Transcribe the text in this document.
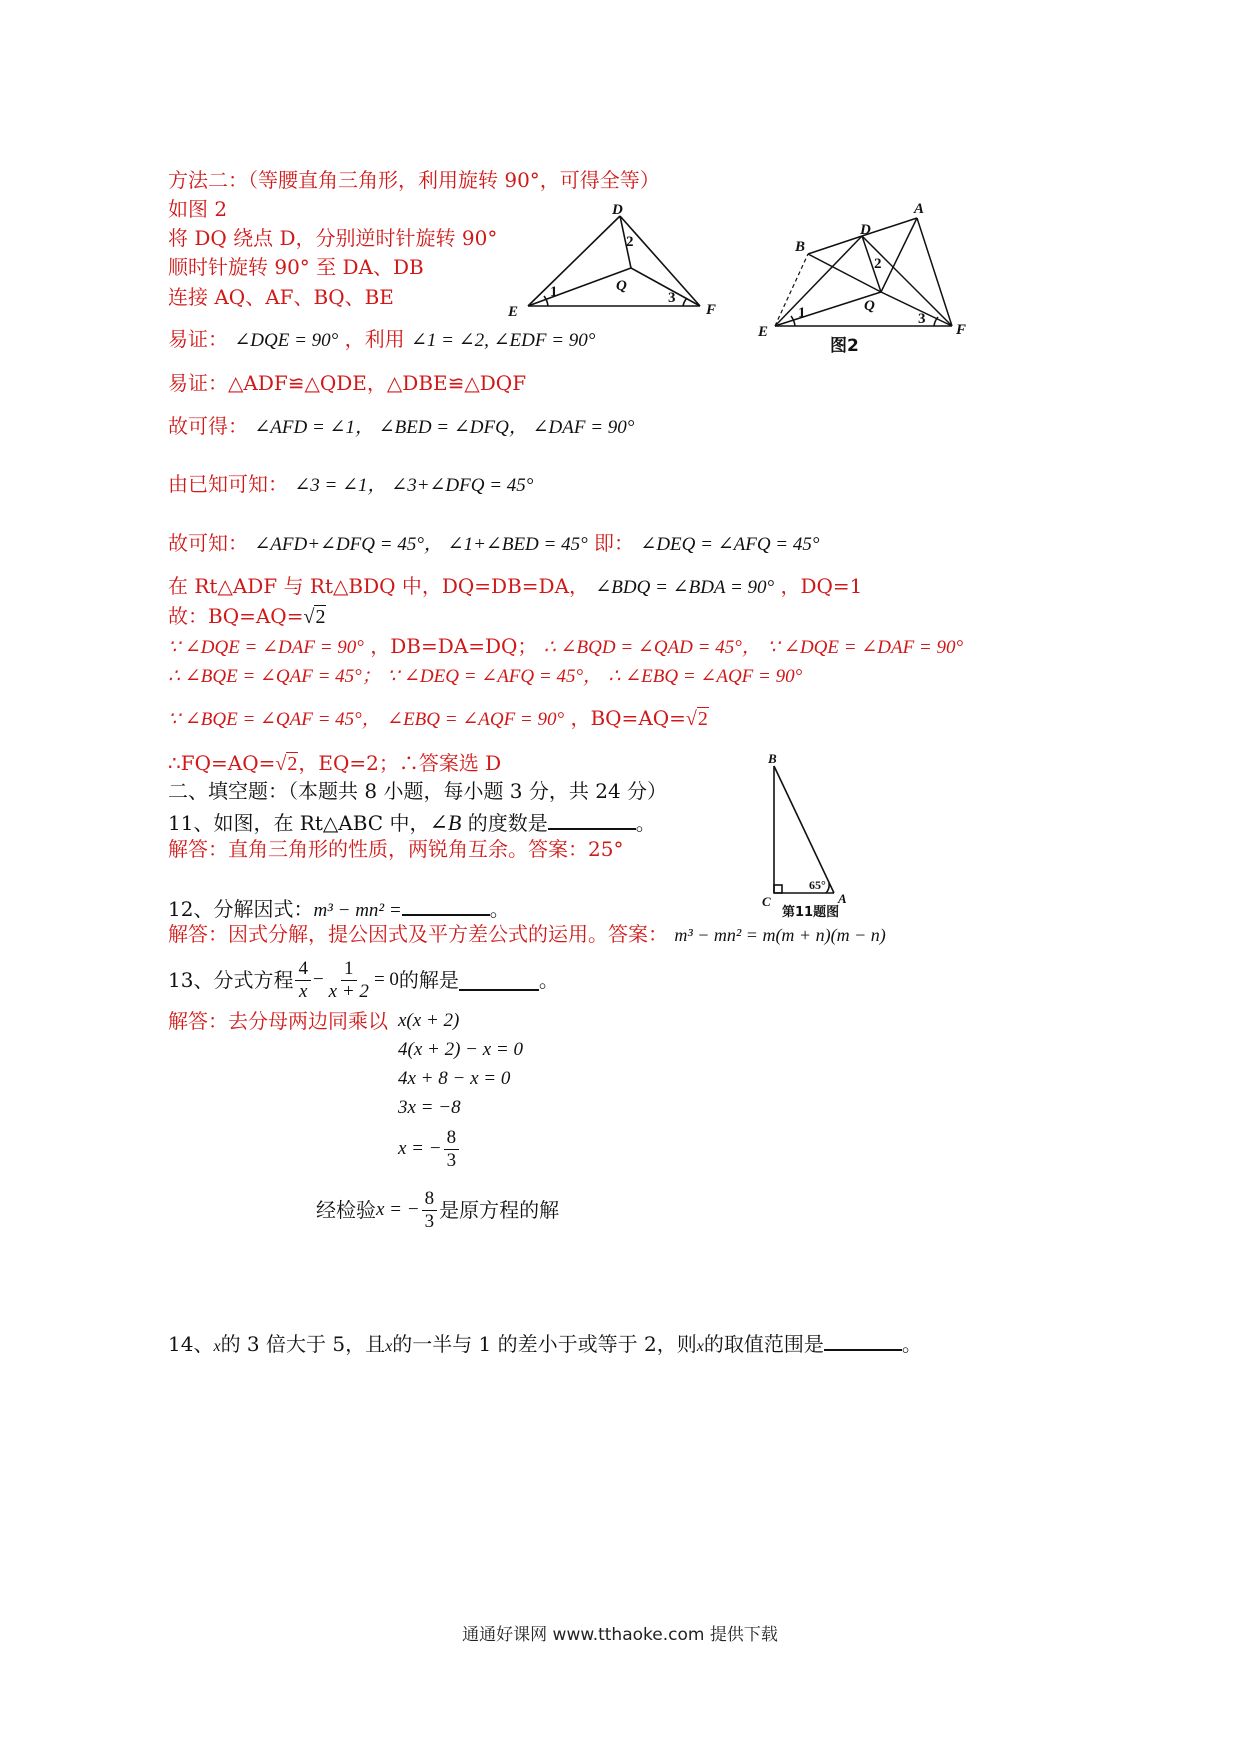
方法二：（等腰直角三角形，利用旋转 90°，可得全等）
如图 2
将 DQ 绕点 D，分别逆时针旋转 90°
顺时针旋转 90° 至 DA、DB
连接 AQ、AF、BQ、BE
D
E	F
Q
1
2
3
A
B
D
E	F
Q
1
2
3
图2
易证： ∠DQE = 90° ，利用 ∠1 = ∠2, ∠EDF = 90°
易证：△ADF≌△QDE，△DBE≌△DQF
故可得： ∠AFD = ∠1， ∠BED = ∠DFQ， ∠DAF = 90°
由已知可知： ∠3 = ∠1， ∠3+∠DFQ = 45°
故可知： ∠AFD+∠DFQ = 45°， ∠1+∠BED = 45° 即： ∠DEQ = ∠AFQ = 45°
在 Rt△ADF 与 Rt△BDQ 中，DQ=DB=DA， ∠BDQ = ∠BDA = 90° ，DQ=1
故：BQ=AQ=√2
∵ ∠DQE = ∠DAF = 90° ，DB=DA=DQ； ∴ ∠BQD = ∠QAD = 45°， ∵ ∠DQE = ∠DAF = 90°
∴ ∠BQE = ∠QAF = 45°； ∵ ∠DEQ = ∠AFQ = 45°， ∴ ∠EBQ = ∠AQF = 90°
∵ ∠BQE = ∠QAF = 45°， ∠EBQ = ∠AQF = 90° ，BQ=AQ=√2
∴FQ=AQ=√2，EQ=2；∴答案选 D
二、填空题：（本题共 8 小题，每小题 3 分，共 24 分）
11、如图，在 Rt△ABC 中，∠B 的度数是	。
解答：直角三角形的性质，两锐角互余。答案：25°
B
C	A
65°
第11题图
12、分解因式：m³ − mn² =	。
解答：因式分解，提公因式及平方差公式的运用。答案： m³ − mn² = m(m + n)(m − n)
13、分式方程 $\frac{4}{x} - \frac{1}{x + 2} = 0$ 的解是	。
解答：去分母两边同乘以 x(x + 2)
4(x + 2) − x = 0
4x + 8 − x = 0
3x = −8
x = − $\frac{8}{3}$
经检验 x = − $\frac{8}{3}$ 是原方程的解
14、x的 3 倍大于 5，且x的一半与 1 的差小于或等于 2，则x的取值范围是	。
通通好课网 www.tthaoke.com 提供下载
